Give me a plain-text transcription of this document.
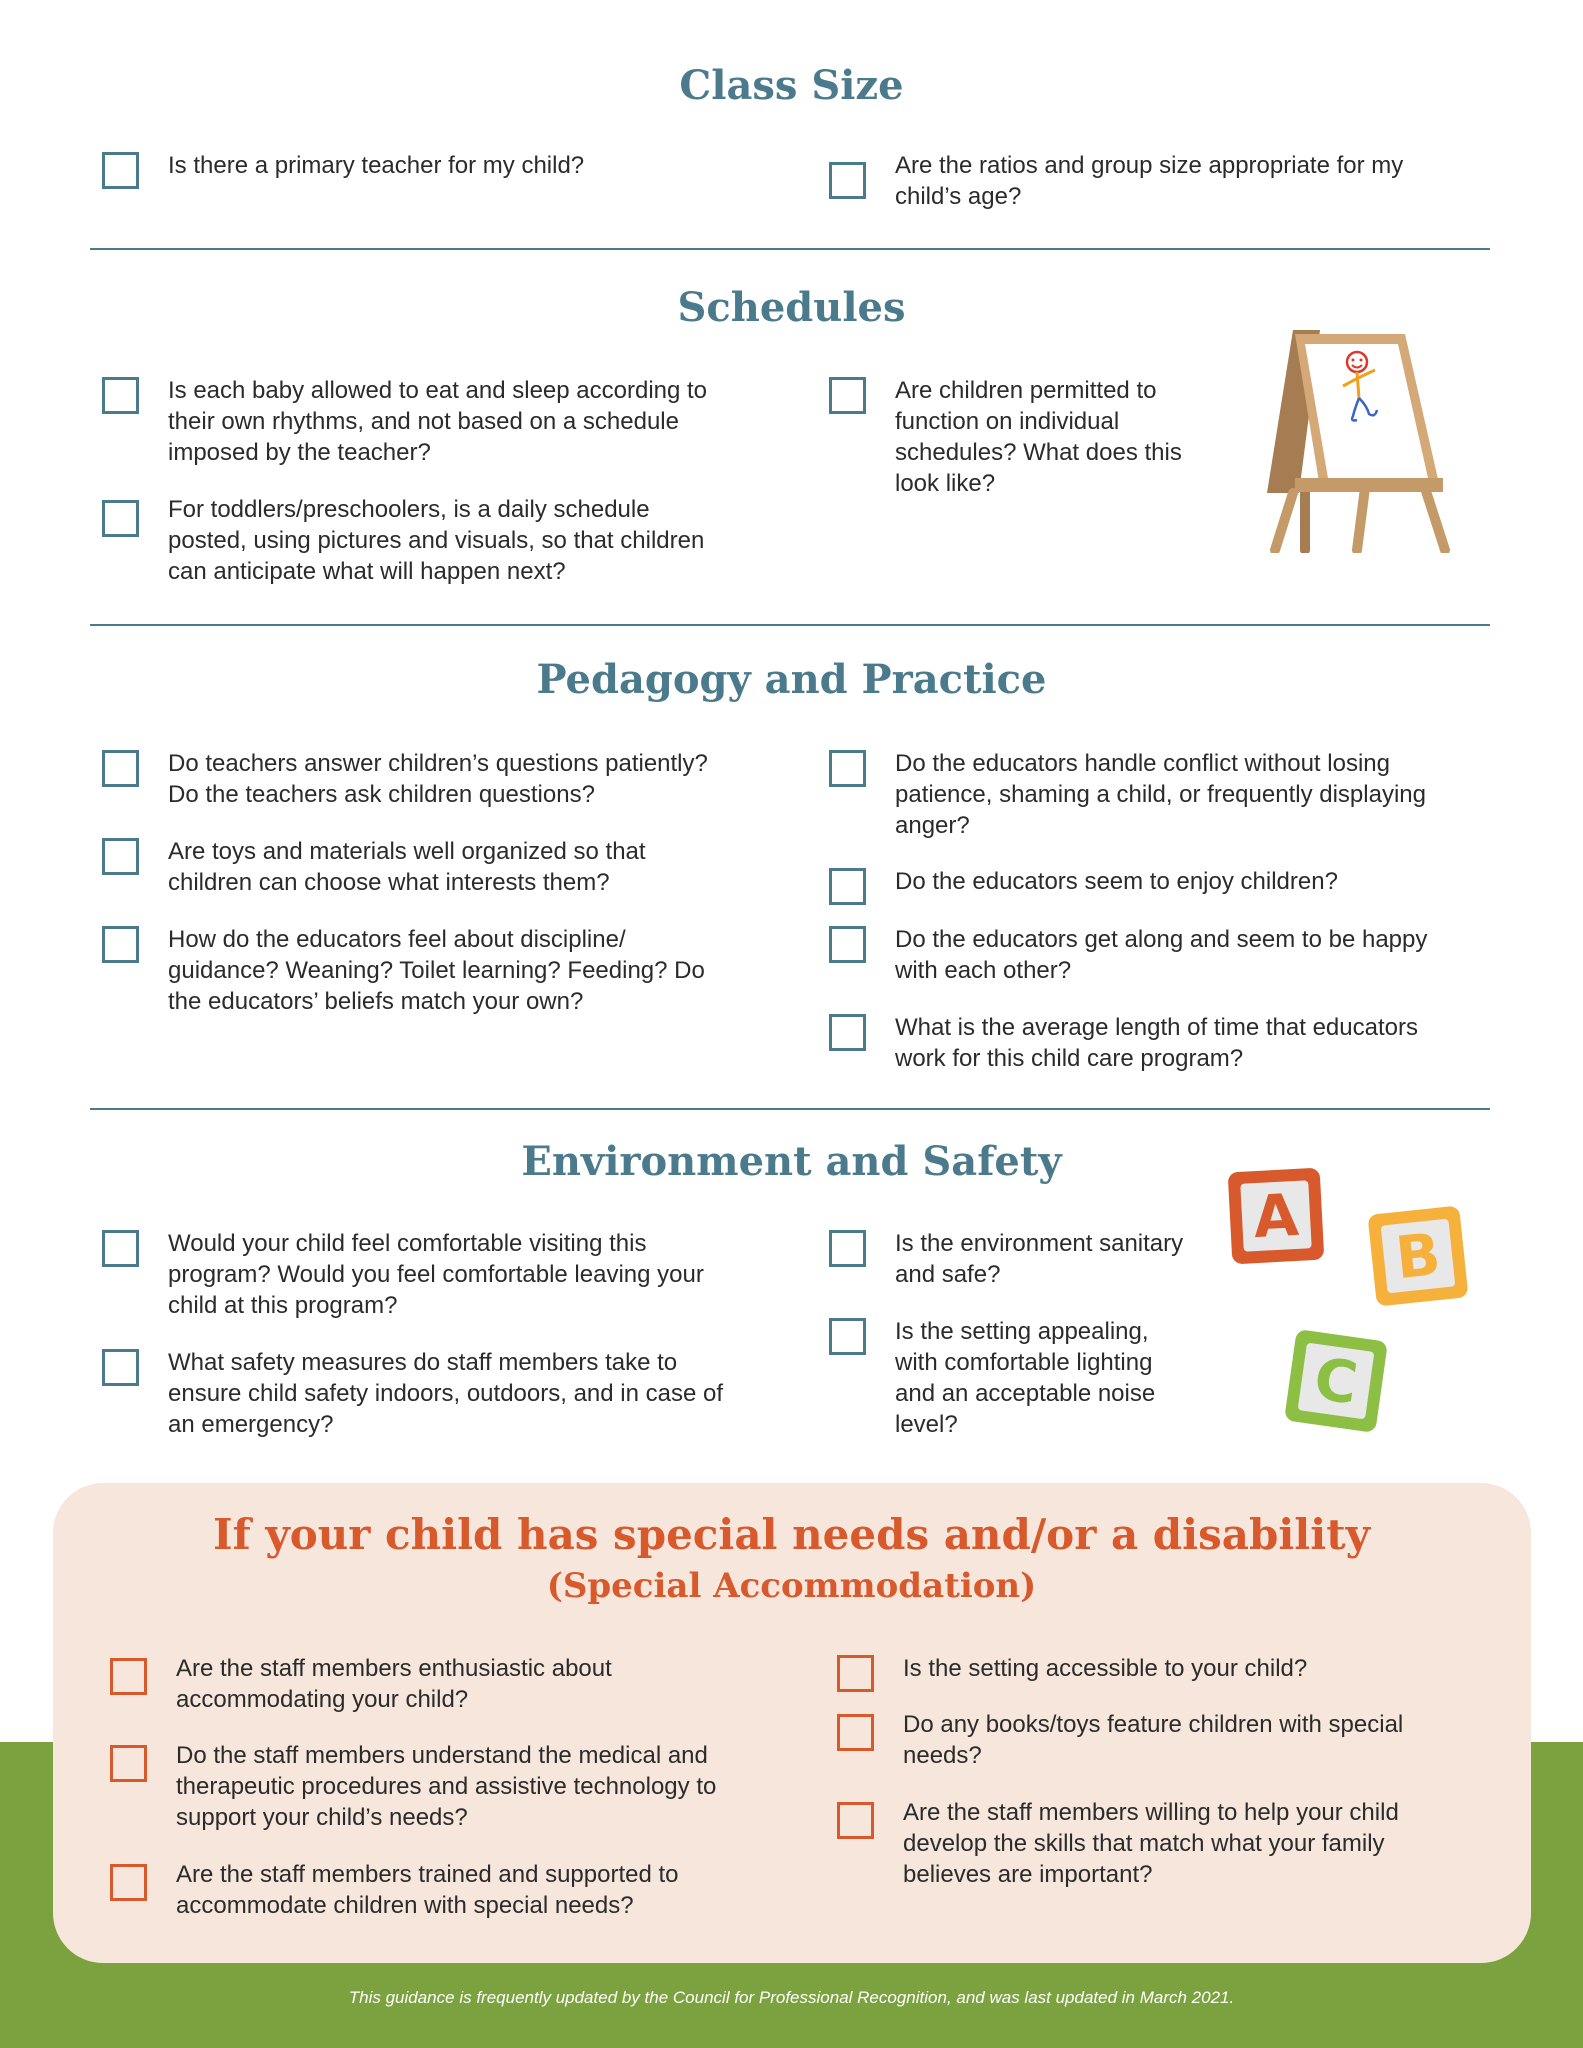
Class Size

Is there a primary teacher for my child?	Are the ratios and group size appropriate for my child’s age?

Schedules

Is each baby allowed to eat and sleep according to their own rhythms, and not based on a schedule imposed by the teacher?

For toddlers/preschoolers, is a daily schedule posted, using pictures and visuals, so that children can anticipate what will happen next?

Are children permitted to function on individual schedules? What does this look like?

Pedagogy and Practice

Do teachers answer children’s questions patiently? Do the teachers ask children questions?

Are toys and materials well organized so that children can choose what interests them?

How do the educators feel about discipline/ guidance? Weaning? Toilet learning? Feeding? Do the educators’ beliefs match your own?

Do the educators handle conflict without losing patience, shaming a child, or frequently displaying anger?

Do the educators seem to enjoy children?

Do the educators get along and seem to be happy with each other?

What is the average length of time that educators work for this child care program?

Environment and Safety

Would your child feel comfortable visiting this program? Would you feel comfortable leaving your child at this program?

What safety measures do staff members take to ensure child safety indoors, outdoors, and in case of an emergency?

Is the environment sanitary and safe?

Is the setting appealing, with comfortable lighting and an acceptable noise level?

A
B
C
If your child has special needs and/or a disability
(Special Accommodation)

Are the staff members enthusiastic about accommodating your child?

Do the staff members understand the medical and therapeutic procedures and assistive technology to support your child’s needs?

Are the staff members trained and supported to accommodate children with special needs?

Is the setting accessible to your child?

Do any books/toys feature children with special needs?

Are the staff members willing to help your child develop the skills that match what your family believes are important?

This guidance is frequently updated by the Council for Professional Recognition, and was last updated in March 2021.
